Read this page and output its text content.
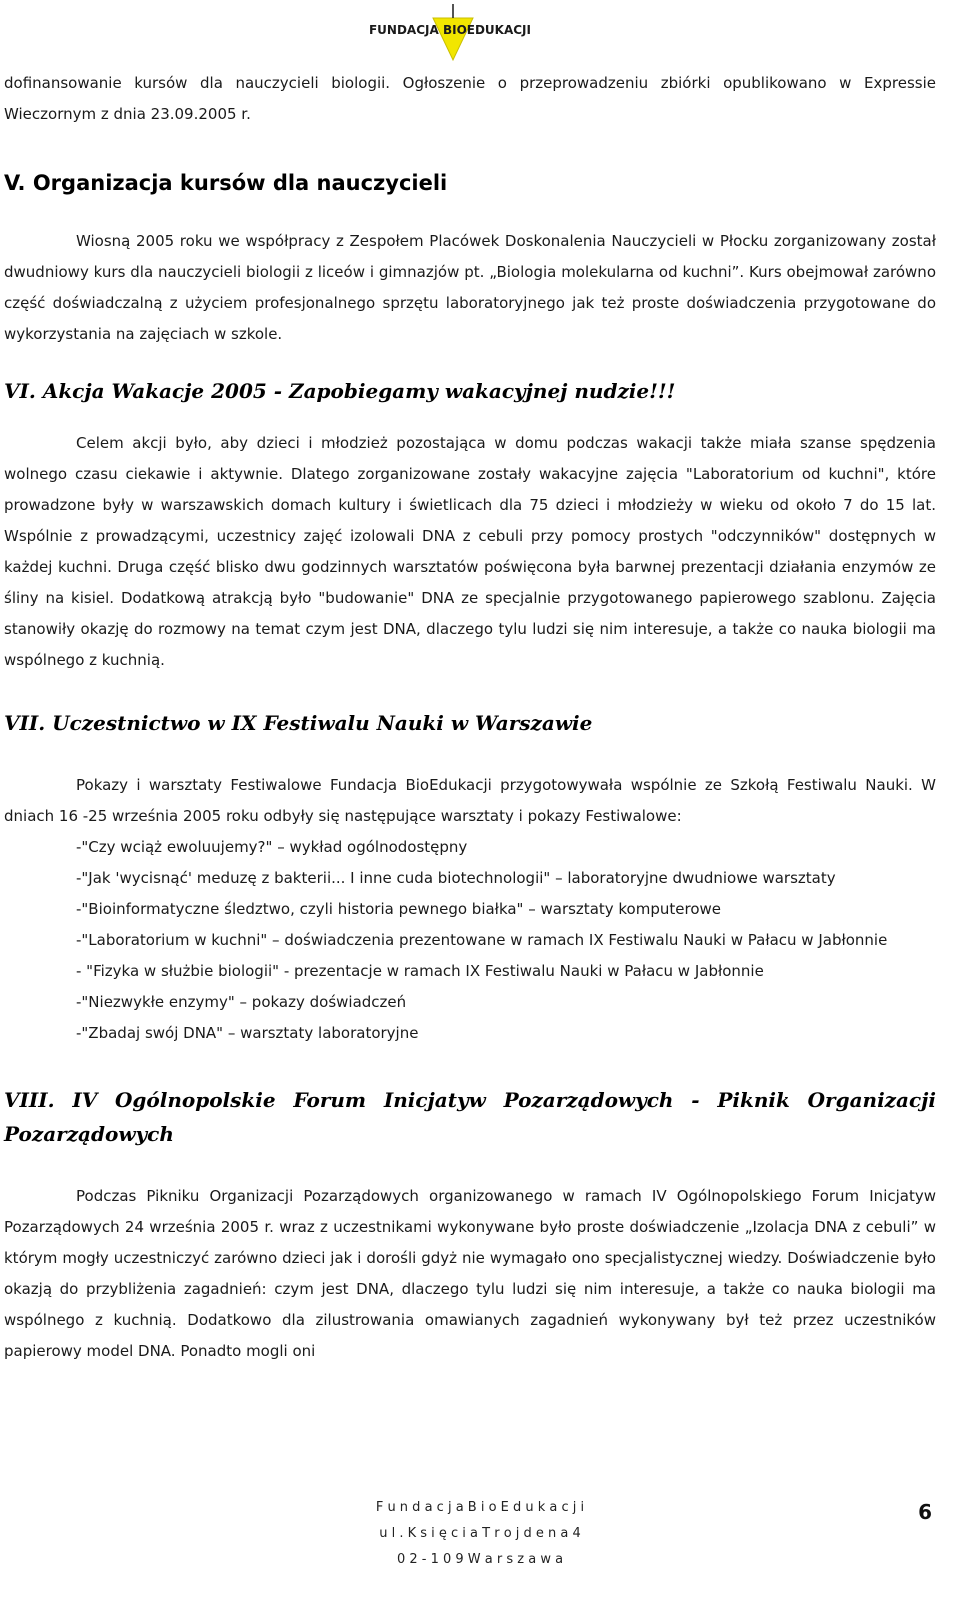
FUNDACJA BIOEDUKACJI

dofinansowanie kursów dla nauczycieli biologii. Ogłoszenie o przeprowadzeniu zbiórki opublikowano w Expressie Wieczornym z dnia 23.09.2005 r.

V. Organizacja kursów dla nauczycieli

Wiosną 2005 roku we współpracy z Zespołem Placówek Doskonalenia Nauczycieli w Płocku zorganizowany został dwudniowy kurs dla nauczycieli biologii z liceów i gimnazjów pt. „Biologia molekularna od kuchni”. Kurs obejmował zarówno część doświadczalną z użyciem profesjonalnego sprzętu laboratoryjnego jak też proste doświadczenia przygotowane do wykorzystania na zajęciach w szkole.

VI. Akcja Wakacje 2005 - Zapobiegamy wakacyjnej nudzie!!!

Celem akcji było, aby dzieci i młodzież pozostająca w domu podczas wakacji także miała szanse spędzenia wolnego czasu ciekawie i aktywnie. Dlatego zorganizowane zostały wakacyjne zajęcia "Laboratorium od kuchni", które prowadzone były w warszawskich domach kultury i świetlicach dla 75 dzieci i młodzieży w wieku od około 7 do 15 lat. Wspólnie z prowadzącymi, uczestnicy zajęć izolowali DNA z cebuli przy pomocy prostych "odczynników" dostępnych w każdej kuchni. Druga część blisko dwu godzinnych warsztatów poświęcona była barwnej prezentacji działania enzymów ze śliny na kisiel. Dodatkową atrakcją było "budowanie" DNA ze specjalnie przygotowanego papierowego szablonu. Zajęcia stanowiły okazję do rozmowy na temat czym jest DNA, dlaczego tylu ludzi się nim interesuje, a także co nauka biologii ma wspólnego z kuchnią.

VII. Uczestnictwo w IX Festiwalu Nauki w Warszawie

Pokazy i warsztaty Festiwalowe Fundacja BioEdukacji przygotowywała wspólnie ze Szkołą Festiwalu Nauki. W dniach 16 -25 września 2005 roku odbyły się następujące warsztaty i pokazy Festiwalowe:

-"Czy wciąż ewoluujemy?" – wykład ogólnodostępny

-"Jak 'wycisnąć' meduzę z bakterii... I inne cuda biotechnologii" – laboratoryjne dwudniowe warsztaty

-"Bioinformatyczne śledztwo, czyli historia pewnego białka" – warsztaty komputerowe

-"Laboratorium w kuchni" – doświadczenia prezentowane w ramach IX Festiwalu Nauki w Pałacu w Jabłonnie

- "Fizyka w służbie biologii" - prezentacje w ramach IX Festiwalu Nauki w Pałacu w Jabłonnie

-"Niezwykłe enzymy" – pokazy doświadczeń

-"Zbadaj swój DNA" – warsztaty laboratoryjne

VIII. IV Ogólnopolskie Forum Inicjatyw Pozarządowych - Piknik Organizacji Pozarządowych

Podczas Pikniku Organizacji Pozarządowych organizowanego w ramach IV Ogólnopolskiego Forum Inicjatyw Pozarządowych 24 września 2005 r. wraz z uczestnikami wykonywane było proste doświadczenie „Izolacja DNA z cebuli” w którym mogły uczestniczyć zarówno dzieci jak i dorośli gdyż nie wymagało ono specjalistycznej wiedzy. Doświadczenie było okazją do przybliżenia zagadnień: czym jest DNA, dlaczego tylu ludzi się nim interesuje, a także co nauka biologii ma wspólnego z kuchnią. Dodatkowo dla zilustrowania omawianych zagadnień wykonywany był też przez uczestników papierowy model DNA. Ponadto mogli oni

F u n d a c j a B i o E d u k a c j i
u l . K s i ę c i a T r o j d e n a 4
0 2 - 1 0 9 W a r s z a w a
6
